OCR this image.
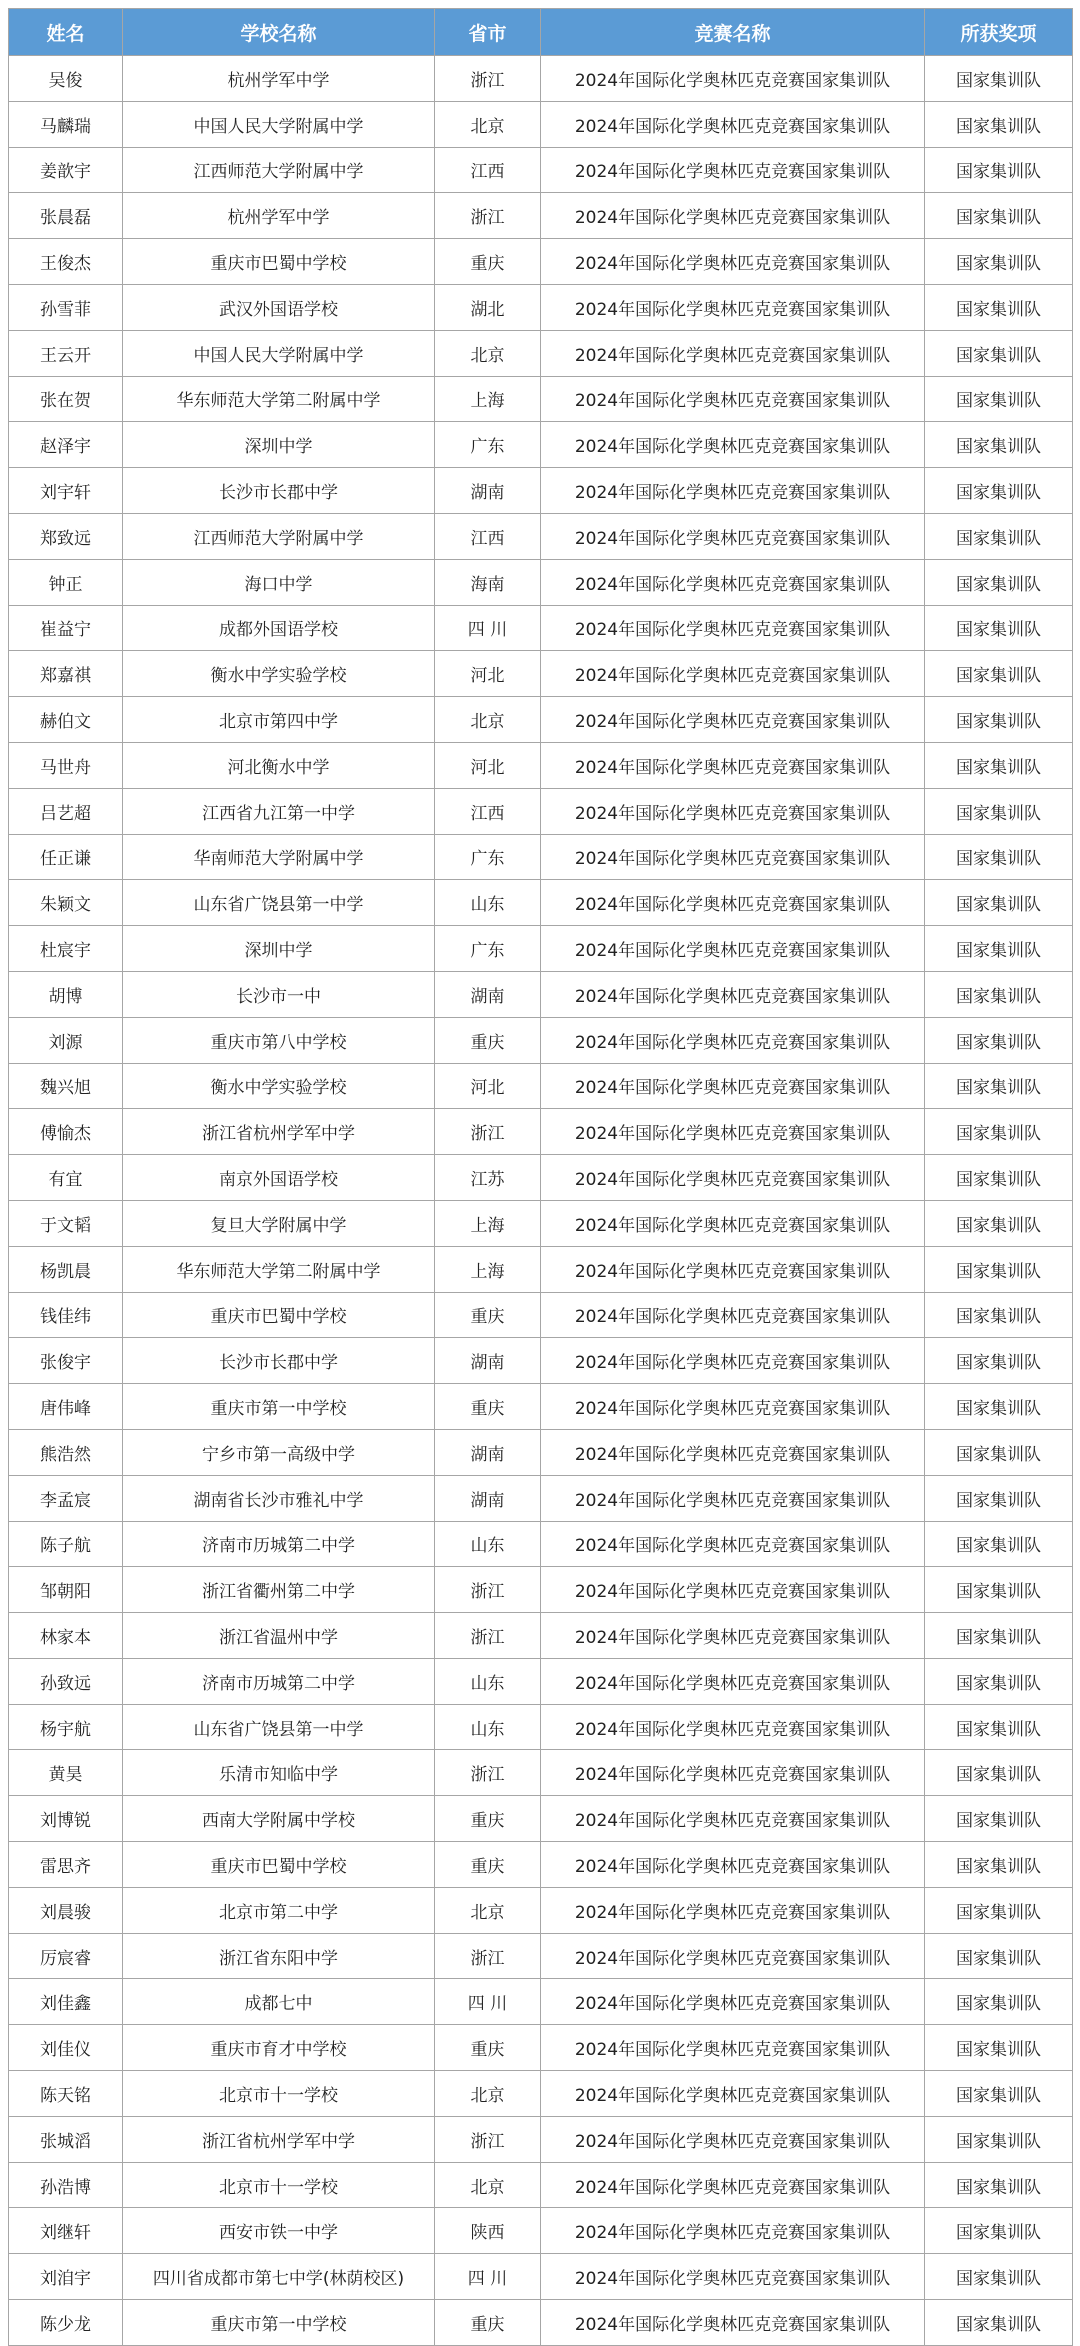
姓名	学校名称	省市	竞赛名称	所获奖项
吴俊	杭州学军中学	浙江	2024年国际化学奥林匹克竞赛国家集训队	国家集训队
马麟瑞	中国人民大学附属中学	北京	2024年国际化学奥林匹克竞赛国家集训队	国家集训队
姜歆宇	江西师范大学附属中学	江西	2024年国际化学奥林匹克竞赛国家集训队	国家集训队
张晨磊	杭州学军中学	浙江	2024年国际化学奥林匹克竞赛国家集训队	国家集训队
王俊杰	重庆市巴蜀中学校	重庆	2024年国际化学奥林匹克竞赛国家集训队	国家集训队
孙雪菲	武汉外国语学校	湖北	2024年国际化学奥林匹克竞赛国家集训队	国家集训队
王云开	中国人民大学附属中学	北京	2024年国际化学奥林匹克竞赛国家集训队	国家集训队
张在贺	华东师范大学第二附属中学	上海	2024年国际化学奥林匹克竞赛国家集训队	国家集训队
赵泽宇	深圳中学	广东	2024年国际化学奥林匹克竞赛国家集训队	国家集训队
刘宇轩	长沙市长郡中学	湖南	2024年国际化学奥林匹克竞赛国家集训队	国家集训队
郑致远	江西师范大学附属中学	江西	2024年国际化学奥林匹克竞赛国家集训队	国家集训队
钟正	海口中学	海南	2024年国际化学奥林匹克竞赛国家集训队	国家集训队
崔益宁	成都外国语学校	四 川	2024年国际化学奥林匹克竞赛国家集训队	国家集训队
郑嘉祺	衡水中学实验学校	河北	2024年国际化学奥林匹克竞赛国家集训队	国家集训队
赫伯文	北京市第四中学	北京	2024年国际化学奥林匹克竞赛国家集训队	国家集训队
马世舟	河北衡水中学	河北	2024年国际化学奥林匹克竞赛国家集训队	国家集训队
吕艺超	江西省九江第一中学	江西	2024年国际化学奥林匹克竞赛国家集训队	国家集训队
任正谦	华南师范大学附属中学	广东	2024年国际化学奥林匹克竞赛国家集训队	国家集训队
朱颖文	山东省广饶县第一中学	山东	2024年国际化学奥林匹克竞赛国家集训队	国家集训队
杜宸宇	深圳中学	广东	2024年国际化学奥林匹克竞赛国家集训队	国家集训队
胡博	长沙市一中	湖南	2024年国际化学奥林匹克竞赛国家集训队	国家集训队
刘源	重庆市第八中学校	重庆	2024年国际化学奥林匹克竞赛国家集训队	国家集训队
魏兴旭	衡水中学实验学校	河北	2024年国际化学奥林匹克竞赛国家集训队	国家集训队
傅愉杰	浙江省杭州学军中学	浙江	2024年国际化学奥林匹克竞赛国家集训队	国家集训队
有宜	南京外国语学校	江苏	2024年国际化学奥林匹克竞赛国家集训队	国家集训队
于文韬	复旦大学附属中学	上海	2024年国际化学奥林匹克竞赛国家集训队	国家集训队
杨凯晨	华东师范大学第二附属中学	上海	2024年国际化学奥林匹克竞赛国家集训队	国家集训队
钱佳纬	重庆市巴蜀中学校	重庆	2024年国际化学奥林匹克竞赛国家集训队	国家集训队
张俊宇	长沙市长郡中学	湖南	2024年国际化学奥林匹克竞赛国家集训队	国家集训队
唐伟峰	重庆市第一中学校	重庆	2024年国际化学奥林匹克竞赛国家集训队	国家集训队
熊浩然	宁乡市第一高级中学	湖南	2024年国际化学奥林匹克竞赛国家集训队	国家集训队
李孟宸	湖南省长沙市雅礼中学	湖南	2024年国际化学奥林匹克竞赛国家集训队	国家集训队
陈子航	济南市历城第二中学	山东	2024年国际化学奥林匹克竞赛国家集训队	国家集训队
邹朝阳	浙江省衢州第二中学	浙江	2024年国际化学奥林匹克竞赛国家集训队	国家集训队
林家本	浙江省温州中学	浙江	2024年国际化学奥林匹克竞赛国家集训队	国家集训队
孙致远	济南市历城第二中学	山东	2024年国际化学奥林匹克竞赛国家集训队	国家集训队
杨宇航	山东省广饶县第一中学	山东	2024年国际化学奥林匹克竞赛国家集训队	国家集训队
黄昊	乐清市知临中学	浙江	2024年国际化学奥林匹克竞赛国家集训队	国家集训队
刘博锐	西南大学附属中学校	重庆	2024年国际化学奥林匹克竞赛国家集训队	国家集训队
雷思齐	重庆市巴蜀中学校	重庆	2024年国际化学奥林匹克竞赛国家集训队	国家集训队
刘晨骏	北京市第二中学	北京	2024年国际化学奥林匹克竞赛国家集训队	国家集训队
厉宸睿	浙江省东阳中学	浙江	2024年国际化学奥林匹克竞赛国家集训队	国家集训队
刘佳鑫	成都七中	四 川	2024年国际化学奥林匹克竞赛国家集训队	国家集训队
刘佳仪	重庆市育才中学校	重庆	2024年国际化学奥林匹克竞赛国家集训队	国家集训队
陈天铭	北京市十一学校	北京	2024年国际化学奥林匹克竞赛国家集训队	国家集训队
张城滔	浙江省杭州学军中学	浙江	2024年国际化学奥林匹克竞赛国家集训队	国家集训队
孙浩博	北京市十一学校	北京	2024年国际化学奥林匹克竞赛国家集训队	国家集训队
刘继轩	西安市铁一中学	陕西	2024年国际化学奥林匹克竞赛国家集训队	国家集训队
刘洎宇	四川省成都市第七中学(林荫校区)	四 川	2024年国际化学奥林匹克竞赛国家集训队	国家集训队
陈少龙	重庆市第一中学校	重庆	2024年国际化学奥林匹克竞赛国家集训队	国家集训队
